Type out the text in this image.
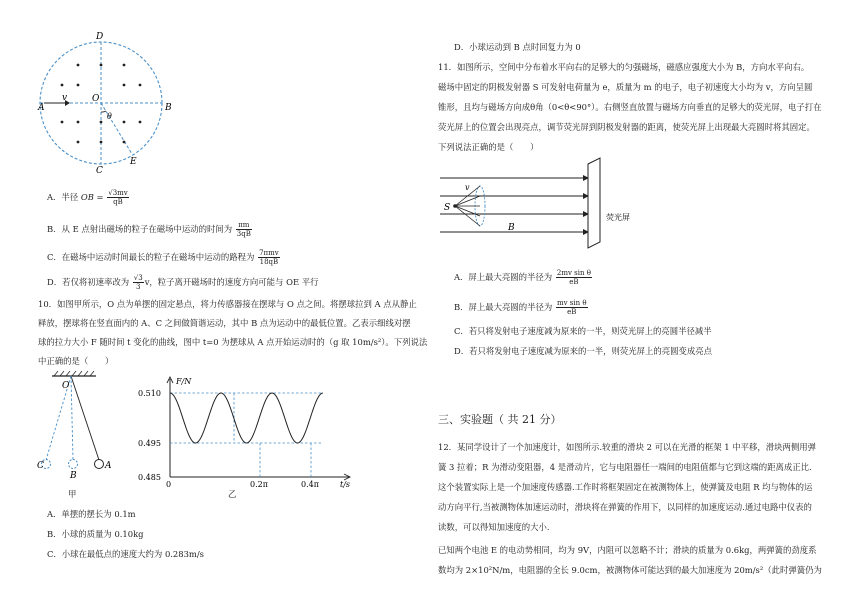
D
A
v	O
θ
B
C
E

A．半径 OB = $\frac{√3mv}{qB}$

B．从 E 点射出磁场的粒子在磁场中运动的时间为 $\frac{\pi m}{3qB}$

C．在磁场中运动时间最长的粒子在磁场中运动的路程为 $\frac{\text{7πmv}}{18qB}$

D．若仅将初速率改为 $\frac{√3}{3}$ v，粒子离开磁场时的速度方向可能与 OE 平行

10．如图甲所示，O 点为单摆的固定悬点，将力传感器接在摆球与 O 点之间。将摆球拉到 A 点从静止

释放，摆球将在竖直面内的 A、C 之间做简谐运动，其中 B 点为运动中的最低位置。乙表示细线对摆

球的拉力大小 F 随时间 t 变化的曲线，图中 t=0 为摆球从 A 点开始运动时的（g 取 10m/s²）。下列说法

中正确的是（　　）

O
C
B
A

甲

F/N
0.510
0.495
0.485
0	0.2π	0.4π	t/s

乙

A．单摆的摆长为 0.1m

B．小球的质量为 0.10kg

C．小球在最低点的速度大约为 0.283m/s

D．小球运动到 B 点时回复力为 0

11．如图所示，空间中分布着水平向右的足够大的匀强磁场，磁感应强度大小为 B，方向水平向右。

磁场中固定的阴极发射器 S 可发射电荷量为 e，质量为 m 的电子，电子初速度大小均为 v，方向呈圆

锥形，且均与磁场方向成θ角（0<θ<90°）。右侧竖直放置与磁场方向垂直的足够大的荧光屏，电子打在

荧光屏上的位置会出现亮点，调节荧光屏到阴极发射器的距离，使荧光屏上出现最大亮圆时将其固定。

下列说法正确的是（　　）

v
S
B
荧光屏

A．屏上最大亮圆的半径为 $\frac{\text{2mv sin θ}}{eB}$

B．屏上最大亮圆的半径为 $\frac{\text{mv sin θ}}{eB}$

C．若只将发射电子速度减为原来的一半，则荧光屏上的亮圆半径减半

D．若只将发射电子速度减为原来的一半，则荧光屏上的亮圆变成亮点

三、实验题（ 共 21 分）

12．某同学设计了一个加速度计，如图所示.较重的滑块 2 可以在光滑的框架 1 中平移，滑块两侧用弹

簧 3 拉着；R 为滑动变阻器，4 是滑动片，它与电阻器任一端间的电阻值都与它到这端的距离成正比.

这个装置实际上是一个加速度传感器.工作时将框架固定在被测物体上，使弹簧及电阻 R 均与物体的运

动方向平行,当被测物体加速运动时，滑块将在弹簧的作用下，以同样的加速度运动.通过电路中仪表的

读数，可以得知加速度的大小.

已知两个电池 E 的电动势相同，均为 9V，内阻可以忽略不计；滑块的质量为 0.6kg，两弹簧的劲度系

数均为 2×10²N/m，电阻器的全长 9.0cm，被测物体可能达到的最大加速度为 20m/s²（此时弹簧仍为
